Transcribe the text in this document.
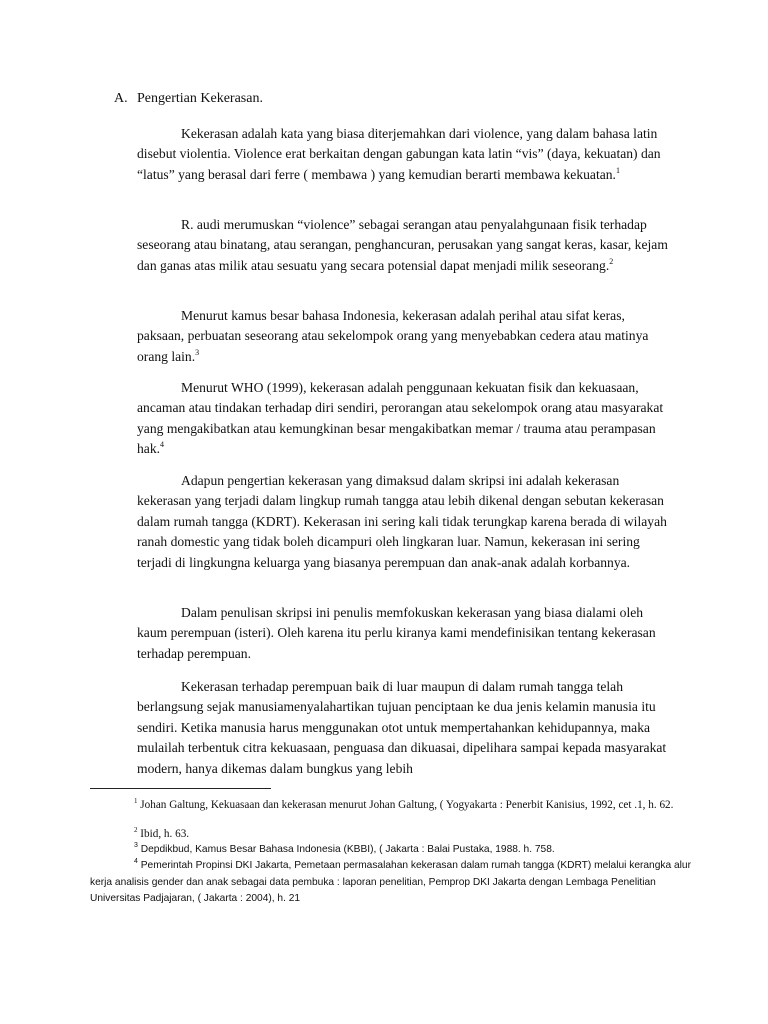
A. Pengertian Kekerasan.

Kekerasan adalah kata yang biasa diterjemahkan dari violence, yang dalam bahasa latin disebut violentia. Violence erat berkaitan dengan gabungan kata latin “vis” (daya, kekuatan) dan “latus” yang berasal dari ferre ( membawa ) yang kemudian berarti membawa kekuatan.$^1$

R. audi merumuskan “violence” sebagai serangan atau penyalahgunaan fisik terhadap seseorang atau binatang, atau serangan, penghancuran, perusakan yang sangat keras, kasar, kejam dan ganas atas milik atau sesuatu yang secara potensial dapat menjadi milik seseorang.$^2$

Menurut kamus besar bahasa Indonesia, kekerasan adalah perihal atau sifat keras, paksaan, perbuatan seseorang atau sekelompok orang yang menyebabkan cedera atau matinya orang lain.$^3$

Menurut WHO (1999), kekerasan adalah penggunaan kekuatan fisik dan kekuasaan, ancaman atau tindakan terhadap diri sendiri, perorangan atau sekelompok orang atau masyarakat yang mengakibatkan atau kemungkinan besar mengakibatkan memar / trauma atau perampasan hak.$^4$

Adapun pengertian kekerasan yang dimaksud dalam skripsi ini adalah kekerasan kekerasan yang terjadi dalam lingkup rumah tangga atau lebih dikenal dengan sebutan kekerasan dalam rumah tangga (KDRT). Kekerasan ini sering kali tidak terungkap karena berada di wilayah ranah domestic yang tidak boleh dicampuri oleh lingkaran luar. Namun, kekerasan ini sering terjadi di lingkungna keluarga yang biasanya perempuan dan anak-anak adalah korbannya.

Dalam penulisan skripsi ini penulis memfokuskan kekerasan yang biasa dialami oleh kaum perempuan (isteri). Oleh karena itu perlu kiranya kami mendefinisikan tentang kekerasan terhadap perempuan.

Kekerasan terhadap perempuan baik di luar maupun di dalam rumah tangga telah berlangsung sejak manusiamenyalahartikan tujuan penciptaan ke dua jenis kelamin manusia itu sendiri. Ketika manusia harus menggunakan otot untuk mempertahankan kehidupannya, maka mulailah terbentuk citra kekuasaan, penguasa dan dikuasai, dipelihara sampai kepada masyarakat modern, hanya dikemas dalam bungkus yang lebih

$^1$ Johan Galtung, Kekuasaan dan kekerasan menurut Johan Galtung, ( Yogyakarta : Penerbit Kanisius, 1992, cet .1, h. 62.

$^2$ Ibid, h. 63.

$^3$ Depdikbud, Kamus Besar Bahasa Indonesia (KBBI), ( Jakarta : Balai Pustaka, 1988. h. 758.

$^4$ Pemerintah Propinsi DKI Jakarta, Pemetaan permasalahan kekerasan dalam rumah tangga (KDRT) melalui kerangka alur kerja analisis gender dan anak sebagai data pembuka : laporan penelitian, Pemprop DKI Jakarta dengan Lembaga Penelitian Universitas Padjajaran, ( Jakarta : 2004), h. 21
